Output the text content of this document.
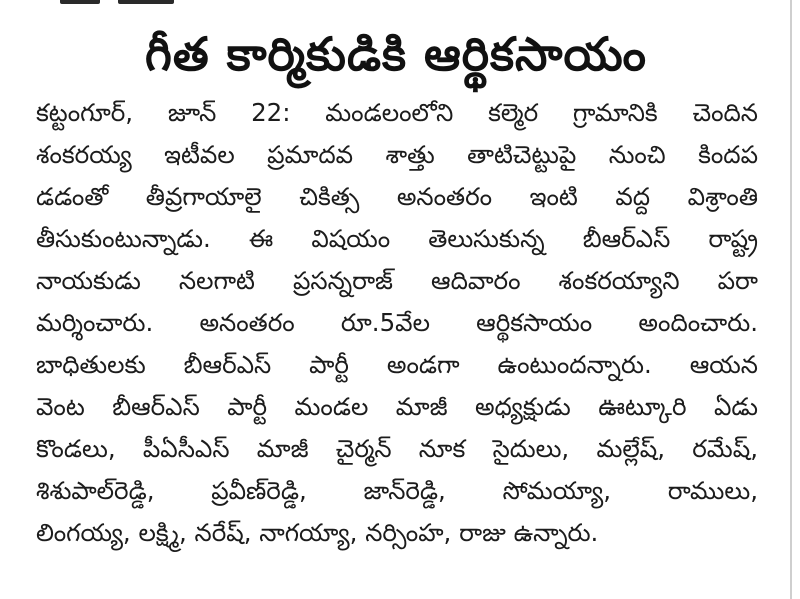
గీత కార్మికుడికి ఆర్థికసాయం
కట్టంగూర్, జూన్ 22: మండలంలోని కల్మెర గ్రామానికి చెందిన
శంకరయ్య ఇటీవల ప్రమాదవ శాత్తు తాటిచెట్టుపై నుంచి కిందప
డడంతో తీవ్రగాయాలై చికిత్స అనంతరం ఇంటి వద్ద విశ్రాంతి
తీసుకుంటున్నాడు. ఈ విషయం తెలుసుకున్న బీఆర్ఎస్ రాష్ట్ర
నాయకుడు నలగాటి ప్రసన్నరాజ్ ఆదివారం శంకరయ్యాని పరా
మర్శించారు. అనంతరం రూ.5వేల ఆర్థికసాయం అందించారు.
బాధితులకు బీఆర్ఎస్ పార్టీ అండగా ఉంటుందన్నారు. ఆయన
వెంట బీఆర్ఎస్ పార్టీ మండల మాజీ అధ్యక్షుడు ఊట్కూరి ఏడు
కొండలు, పీఏసీఎస్ మాజీ చైర్మన్ నూక సైదులు, మల్లేష్, రమేష్,
శిశుపాల్‌రెడ్డి, ప్రవీణ్‌రెడ్డి, జాన్‌రెడ్డి, సోమయ్యా, రాములు,
లింగయ్య, లక్ష్మి, నరేష్, నాగయ్యా, నర్సింహ, రాజు ఉన్నారు.
